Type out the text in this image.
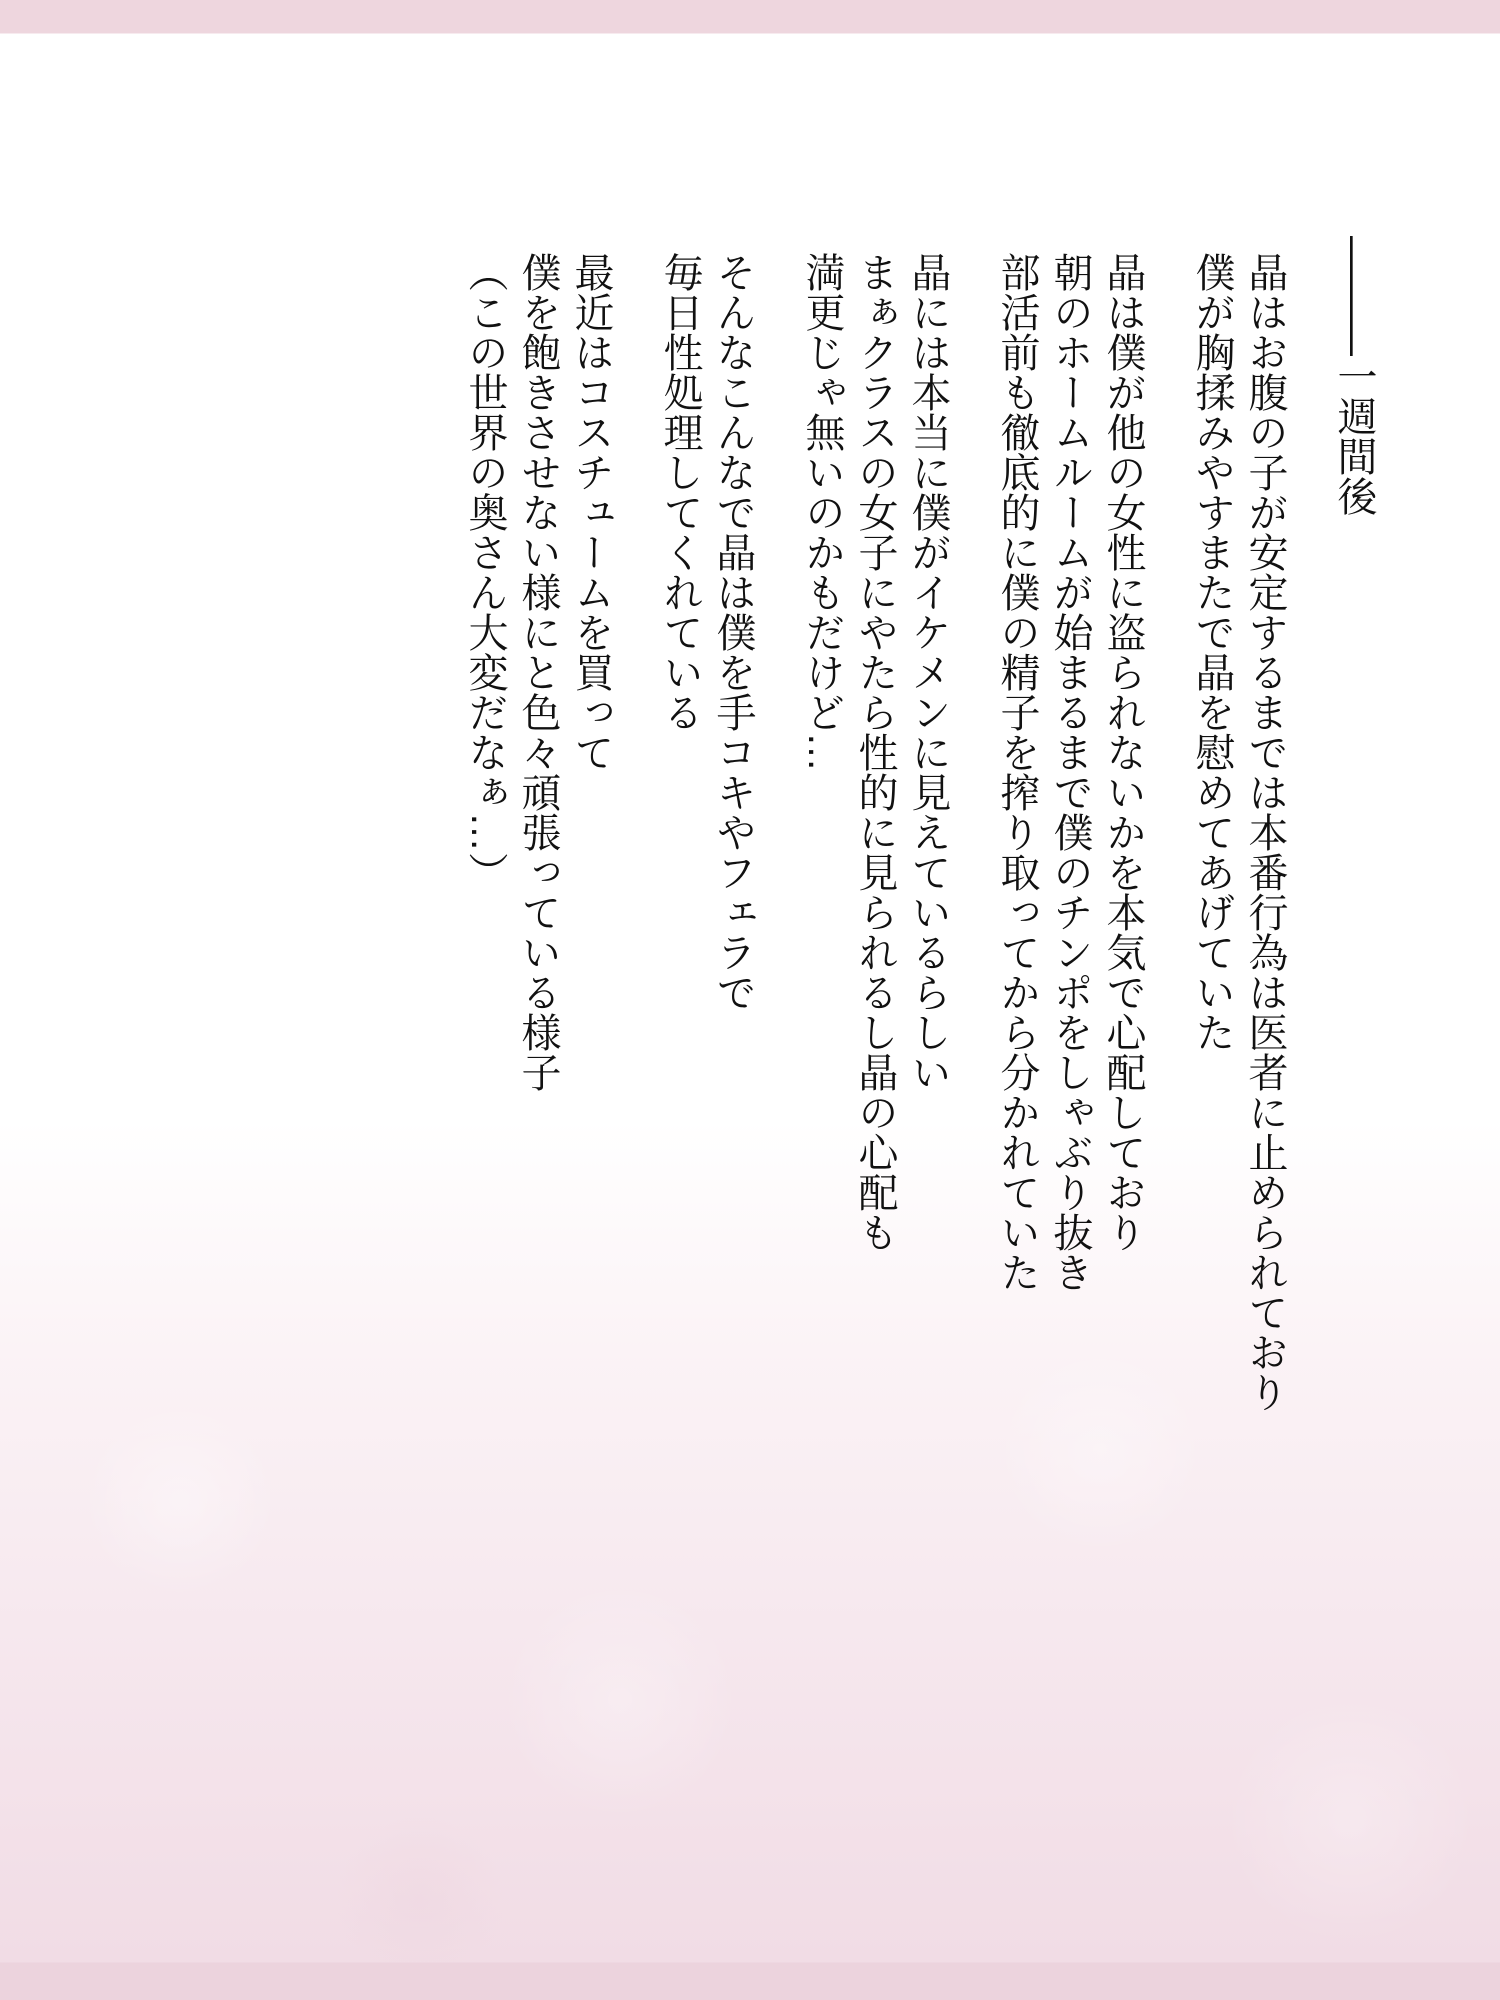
―――一週間後

晶はお腹の子が安定するまでは本番行為は医者に止められており
僕が胸揉みやすまたで晶を慰めてあげていた

晶は僕が他の女性に盗られないかを本気で心配しており
朝のホームルームが始まるまで僕のチンポをしゃぶり抜き
部活前も徹底的に僕の精子を搾り取ってから分かれていた

晶には本当に僕がイケメンに見えているらしい
まぁクラスの女子にやたら性的に見られるし晶の心配も
満更じゃ無いのかもだけど…

そんなこんなで晶は僕を手コキやフェラで
毎日性処理してくれている

最近はコスチュームを買って
僕を飽きさせない様にと色々頑張っている様子
（この世界の奥さん大変だなぁ…）
